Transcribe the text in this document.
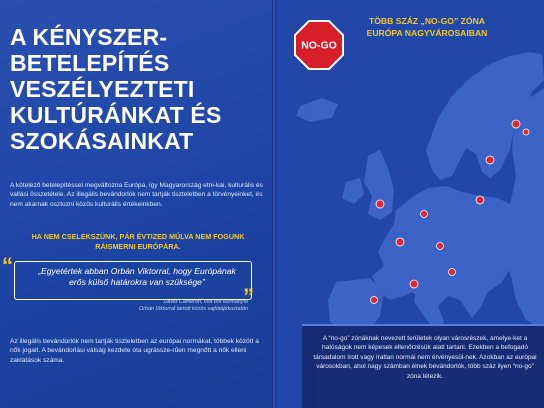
A KÉNYSZER-BETELEPÍTÉS VESZÉLYEZTETI KULTÚRÁNKAT ÉS SZOKÁSAINKAT

A kötelező betelepítéssel megváltozna Európa, így Magyarország etni-kai, kulturális és vallási összetétele. Az illegális bevándorlók nem tartják tiszteletben a törvényeinket, és nem akarnak osztozni közös kulturális értékeinkben.

HA NEM CSELEKSZÜNK, PÁR ÉVTIZED MÚLVA NEM FOGUNK RÁISMERNI EURÓPÁRA.

“	„Egyetértek abban Orbán Viktorral, hogy Európának erős külső határokra van szüksége”

”

David Cameron, volt brit kormányfő
Orbán Viktorral tartott közös sajtótájékoztatón

Az illegális bevándorlók nem tartják tiszteletben az európai normákat, többek között a nők jogait. A bevándorlási válság kezdete óta ugrássze-rűen megnőtt a nők elleni zaklatások száma.

NO-GO

TÖBB SZÁZ „NO-GO” ZÓNA EURÓPA NAGYVÁROSAIBAN

A “no-go” zónáknak nevezett területek olyan városrészek, amelye-ket a hatóságok nem képesek ellenőrzésük alatt tartani. Ezekben a befogadó társadalom írott vagy íratlan normái nem érvényesül-nek. Azokban az európai városokban, ahol nagy számban élnek bevándorlók, több száz ilyen “no-go” zóna létezik.
